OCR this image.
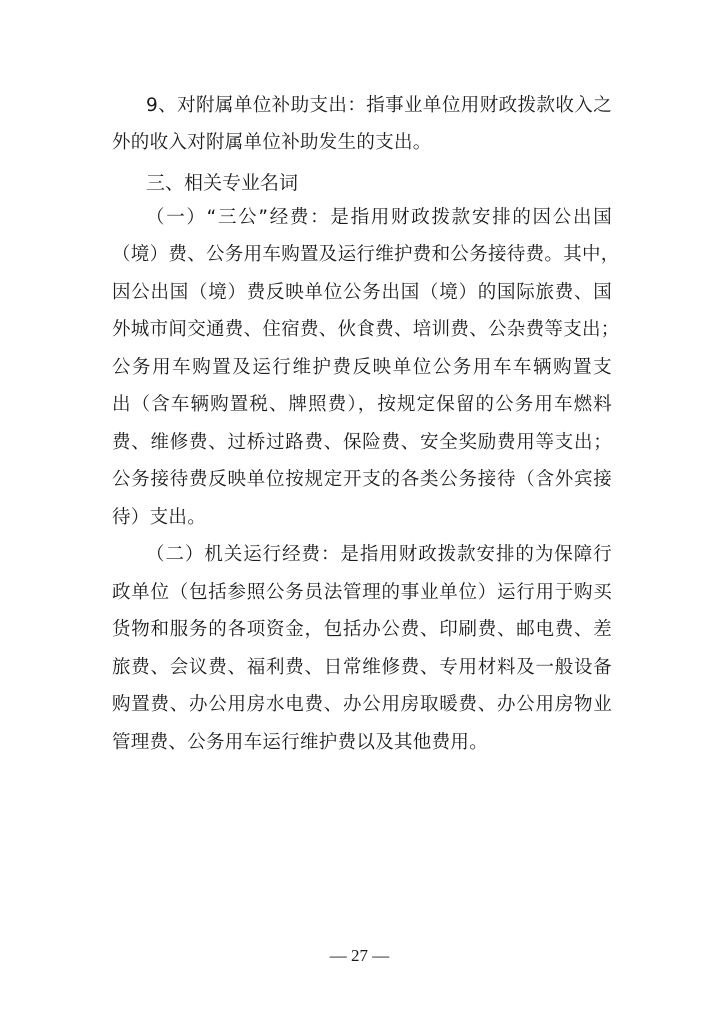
9、对附属单位补助支出：指事业单位用财政拨款收入之
外的收入对附属单位补助发生的支出。
三、相关专业名词
（一）“三公”经费：是指用财政拨款安排的因公出国
（境）费、公务用车购置及运行维护费和公务接待费。其中，
因公出国（境）费反映单位公务出国（境）的国际旅费、国
外城市间交通费、住宿费、伙食费、培训费、公杂费等支出；
公务用车购置及运行维护费反映单位公务用车车辆购置支
出（含车辆购置税、牌照费），按规定保留的公务用车燃料
费、维修费、过桥过路费、保险费、安全奖励费用等支出；
公务接待费反映单位按规定开支的各类公务接待（含外宾接
待）支出。
（二）机关运行经费：是指用财政拨款安排的为保障行
政单位（包括参照公务员法管理的事业单位）运行用于购买
货物和服务的各项资金，包括办公费、印刷费、邮电费、差
旅费、会议费、福利费、日常维修费、专用材料及一般设备
购置费、办公用房水电费、办公用房取暖费、办公用房物业
管理费、公务用车运行维护费以及其他费用。
— 27 —
